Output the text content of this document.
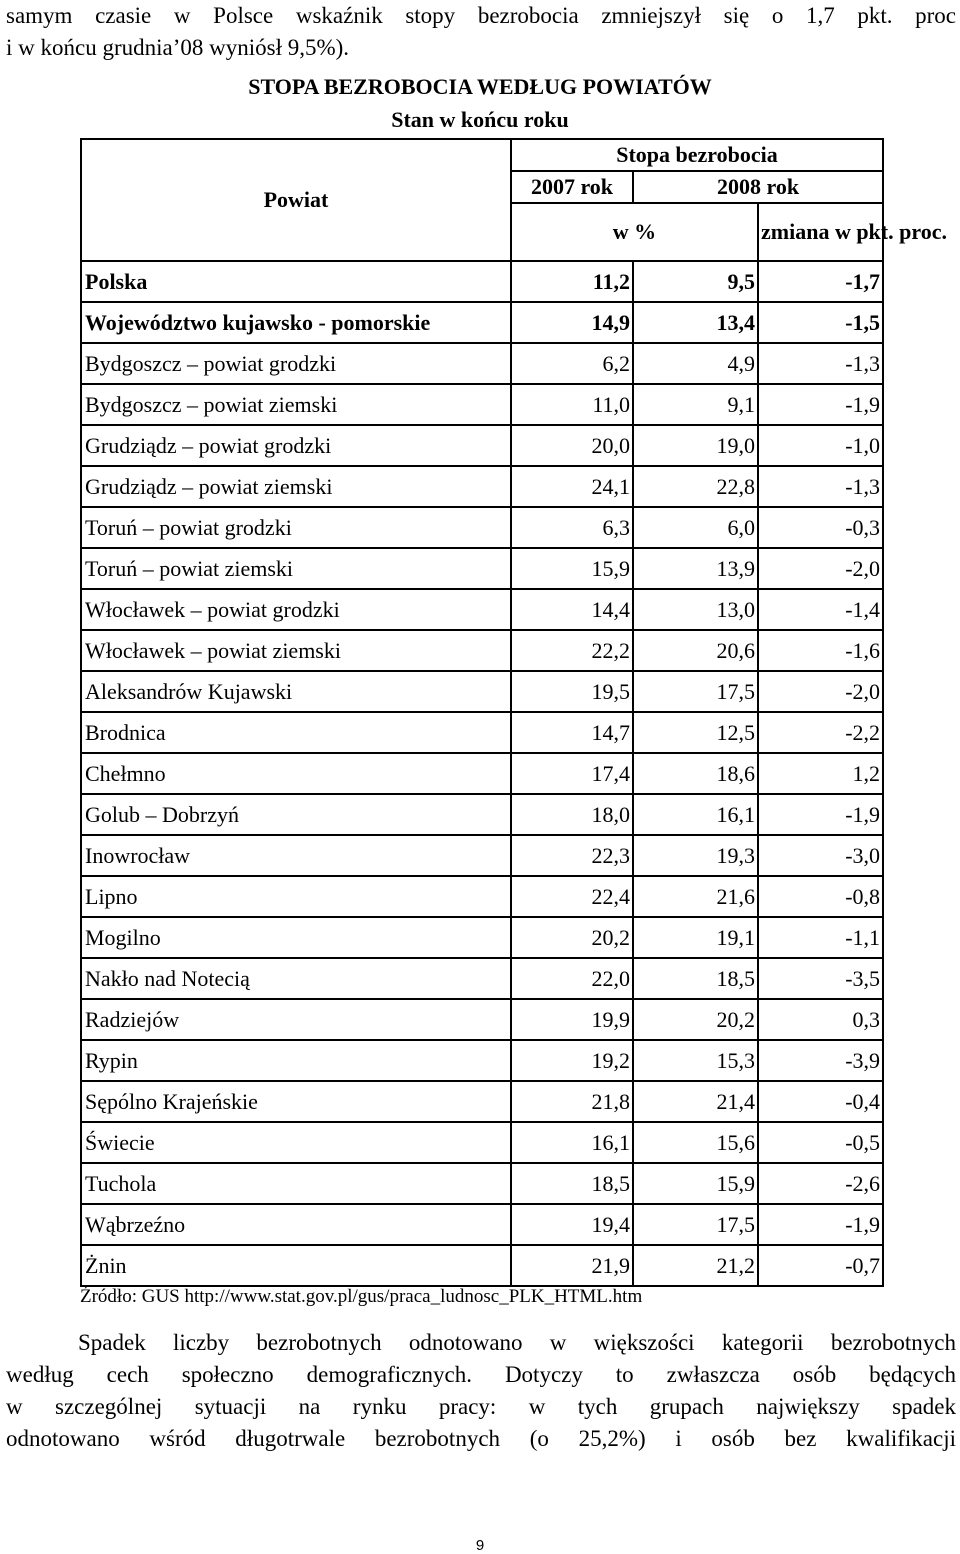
samym czasie w Polsce wskaźnik stopy bezrobocia zmniejszył się o 1,7 pkt. proc
i w końcu grudnia’08 wyniósł 9,5%).
STOPA BEZROBOCIA WEDŁUG POWIATÓW
Stan w końcu roku
Powiat	Stopa bezrobocia		
	2007 rok	2008 rok	
	w %		zmiana w pkt. proc.
Polska	11,2	9,5	-1,7
Województwo kujawsko - pomorskie	14,9	13,4	-1,5
Bydgoszcz – powiat grodzki	6,2	4,9	-1,3
Bydgoszcz – powiat ziemski	11,0	9,1	-1,9
Grudziądz – powiat grodzki	20,0	19,0	-1,0
Grudziądz – powiat ziemski	24,1	22,8	-1,3
Toruń – powiat grodzki	6,3	6,0	-0,3
Toruń – powiat ziemski	15,9	13,9	-2,0
Włocławek – powiat grodzki	14,4	13,0	-1,4
Włocławek – powiat ziemski	22,2	20,6	-1,6
Aleksandrów Kujawski	19,5	17,5	-2,0
Brodnica	14,7	12,5	-2,2
Chełmno	17,4	18,6	1,2
Golub – Dobrzyń	18,0	16,1	-1,9
Inowrocław	22,3	19,3	-3,0
Lipno	22,4	21,6	-0,8
Mogilno	20,2	19,1	-1,1
Nakło nad Notecią	22,0	18,5	-3,5
Radziejów	19,9	20,2	0,3
Rypin	19,2	15,3	-3,9
Sępólno Krajeńskie	21,8	21,4	-0,4
Świecie	16,1	15,6	-0,5
Tuchola	18,5	15,9	-2,6
Wąbrzeźno	19,4	17,5	-1,9
Żnin	21,9	21,2	-0,7
Źródło: GUS http://www.stat.gov.pl/gus/praca_ludnosc_PLK_HTML.htm

Spadek liczby bezrobotnych odnotowano w większości kategorii bezrobotnych

według cech społeczno demograficznych. Dotyczy to zwłaszcza osób będących

w szczególnej sytuacji na rynku pracy: w tych grupach największy spadek

odnotowano wśród długotrwale bezrobotnych (o 25,2%) i osób bez kwalifikacji

9
